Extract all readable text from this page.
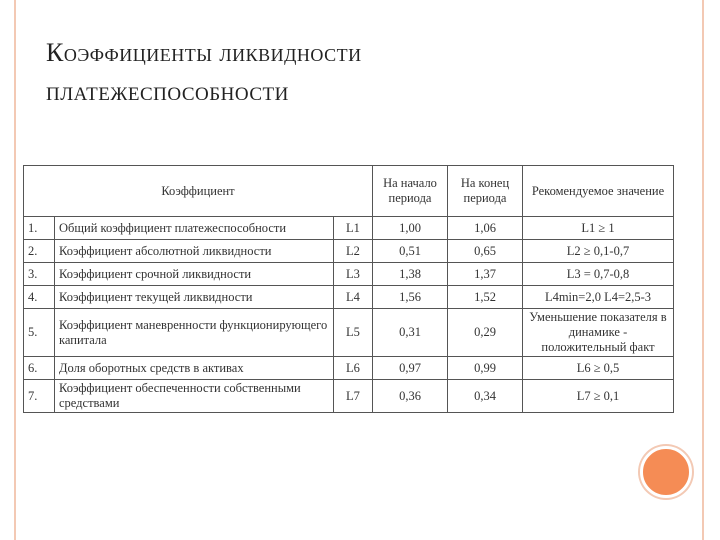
Коэффициенты ликвидности
ПЛАТЕЖЕСПОСОБНОСТИ
Коэффициент			На начало периода	На конец периода	Рекомендуемое значение
1.	Общий коэффициент платежеспособности	L1	1,00	1,06	L1 ≥ 1
2.	Коэффициент абсолютной ликвидности	L2	0,51	0,65	L2 ≥ 0,1-0,7
3.	Коэффициент срочной ликвидности	L3	1,38	1,37	L3 = 0,7-0,8
4.	Коэффициент текущей ликвидности	L4	1,56	1,52	L4min=2,0 L4=2,5-3
5.	Коэффициент маневренности функционирующего капитала	L5	0,31	0,29	Уменьшение показателя в динамике - положительный факт
6.	Доля оборотных средств в активах	L6	0,97	0,99	L6 ≥ 0,5
7.	Коэффициент обеспеченности собственными средствами	L7	0,36	0,34	L7 ≥ 0,1
